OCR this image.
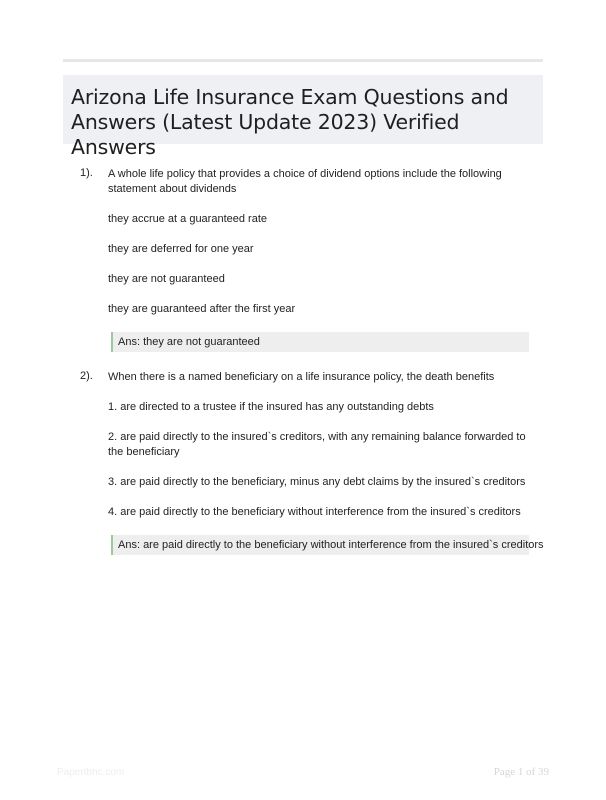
Arizona Life Insurance Exam Questions and Answers (Latest Update 2023) Verified Answers
1). A whole life policy that provides a choice of dividend options include the following statement about dividends

they accrue at a guaranteed rate

they are deferred for one year

they are not guaranteed

they are guaranteed after the first year

Ans: they are not guaranteed
2). When there is a named beneficiary on a life insurance policy, the death benefits

1. are directed to a trustee if the insured has any outstanding debts

2. are paid directly to the insured`s creditors, with any remaining balance forwarded to the beneficiary

3. are paid directly to the beneficiary, minus any debt claims by the insured`s creditors

4. are paid directly to the beneficiary without interference from the insured`s creditors

Ans: are paid directly to the beneficiary without interference from the insured`s creditors
Papertbhc.com	Page 1 of 39
